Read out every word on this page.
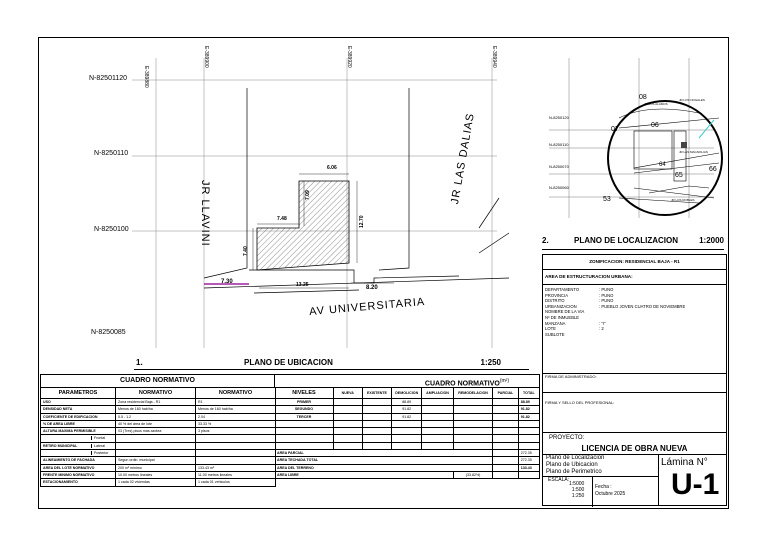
E-389880
E-389900	E-389920	E-389940
N-82501120
N-8250110
N-8250100
N-8250085
JR LLAVINI
JR LAS DALIAS
AV UNIVERSITARIA
6.06
7.09
7.48
7.40
12.70
7.30	13.25	8.20
N-8250120
N-8250110
N-8250070
N-8250060
08
07
06
65
66
53
64
JR LOS ALAMOS
JR LOS NOGALES
JR LAS MAGNOLIAS
JR LOS ROBLES
2.	PLANO DE LOCALIZACION	1:2000
ZONIFICACION: RESIDENCIAL BAJA - R1
AREA DE ESTRUCTURACION URBANA:
DEPARTAMENTO	: PUNO
PROVINCIA	: PUNO
DISTRITO	: PUNO
URBANIZACION	: PUEBLO JOVEN CUATRO DE NOVIEMBRE
NOMBRE DE LA VIA	
Nº DE INMUEBLE	
MANZANA	: "I"
LOTE	: 2
SUBLOTE	
FIRMA DE ADMINISTRADO:
FIRMA Y SELLO DEL PROFESIONAL:
PROYECTO:
LICENCIA DE OBRA NUEVA
Plano de Localizacion
Plano de Ubicacion
Plano de Perimetrico
Lámina N°
U-1
ESCALA:
1:5000
1:500
1:250
Fecha :
Octubre 2025
1.	PLANO DE UBICACION	1:250
CUADRO NORMATIVO
PARAMETROS	NORMATIVO	NORMATIVO
USO	Zona residencial Baja - R1	R1
DENSIDAD NETA	Menos de 160 hab/ha	Menos de 160 hab/ha
COEFICIENTE DE EDIFICACION	0.5 - 1.2	2.04
% DE AREA LIBRE	40 % del área de lote	33.33 %
ALTURA MAXIMA PERMISIBLE	03 (Tres) pisos mas azotea	3 pisos
Frontal		
RETIRO MUNICIPAL Lateral		
Posterior		
ALINEAMIENTO DE FACHADA	Segun ordin. municipal	
AREA DEL LOTE NORMATIVO	200 m² minimo	133.43 m²
FRENTE MINIMO NORMATIVO	10.00 metros lineales	11.00 metros lineales
ESTACIONAMIENTO	1 cada 02 viviendas	1 cada 01 vehiculos
CUADRO $NORMATIVO^{(m^2)}$
NIVELES	NUEVA	EXISTENTE	DEMOLICION	AMPLIACION	REMODELACION	PARCIAL	TOTAL
PRIMER			88.89				88.89
SEGUNDO			91.82				91.82
TERCER			91.82				91.82

AREA PARCIAL							272.35
AREA TECHADA TOTAL							272.35
AREA DEL TERRENO							133.43
AREA LIBRE					(33.82%)		
